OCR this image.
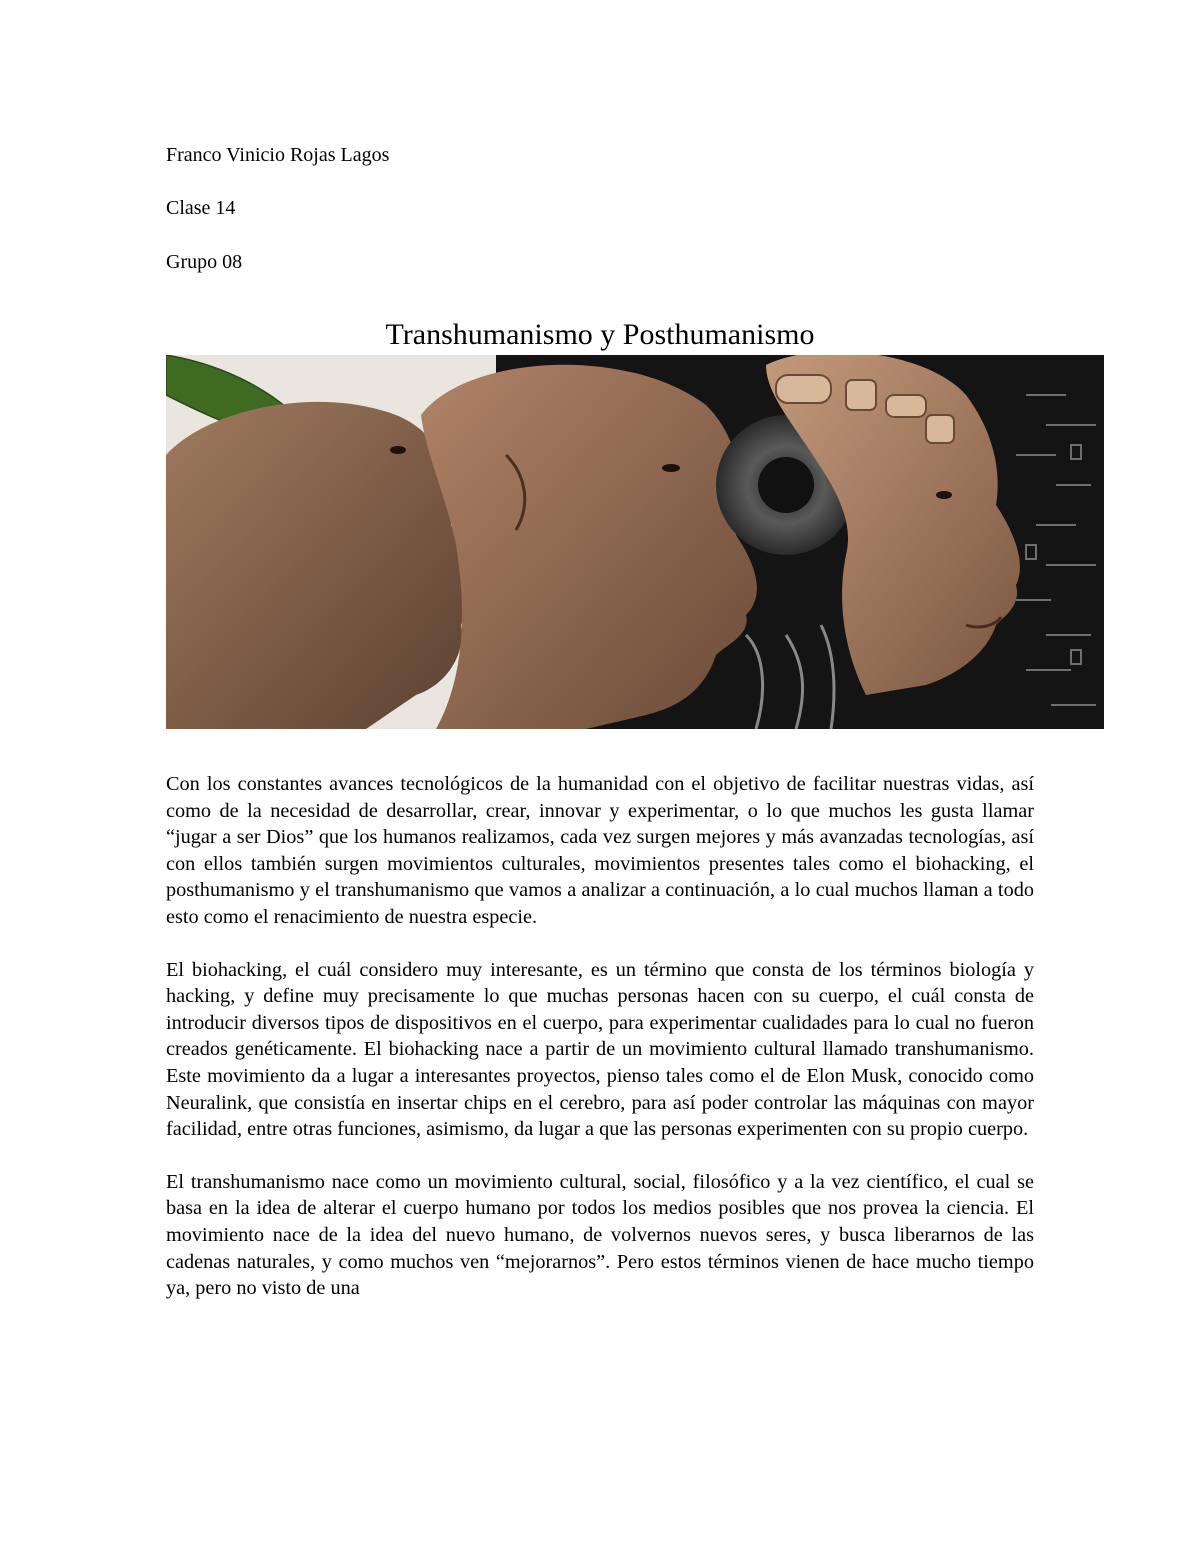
Franco Vinicio Rojas Lagos

Clase 14

Grupo 08

Transhumanismo y Posthumanismo

Con los constantes avances tecnológicos de la humanidad con el objetivo de facilitar nuestras vidas, así como de la necesidad de desarrollar, crear, innovar y experimentar, o lo que muchos les gusta llamar “jugar a ser Dios” que los humanos realizamos, cada vez surgen mejores y más avanzadas tecnologías, así con ellos también surgen movimientos culturales, movimientos presentes tales como el biohacking, el posthumanismo y el transhumanismo que vamos a analizar a continuación, a lo cual muchos llaman a todo esto como el renacimiento de nuestra especie.

El biohacking, el cuál considero muy interesante, es un término que consta de los términos biología y hacking, y define muy precisamente lo que muchas personas hacen con su cuerpo, el cuál consta de introducir diversos tipos de dispositivos en el cuerpo, para experimentar cualidades para lo cual no fueron creados genéticamente. El biohacking nace a partir de un movimiento cultural llamado transhumanismo. Este movimiento da a lugar a interesantes proyectos, pienso tales como el de Elon Musk, conocido como Neuralink, que consistía en insertar chips en el cerebro, para así poder controlar las máquinas con mayor facilidad, entre otras funciones, asimismo, da lugar a que las personas experimenten con su propio cuerpo.

El transhumanismo nace como un movimiento cultural, social, filosófico y a la vez científico, el cual se basa en la idea de alterar el cuerpo humano por todos los medios posibles que nos provea la ciencia. El movimiento nace de la idea del nuevo humano, de volvernos nuevos seres, y busca liberarnos de las cadenas naturales, y como muchos ven “mejorarnos”. Pero estos términos vienen de hace mucho tiempo ya, pero no visto de una
